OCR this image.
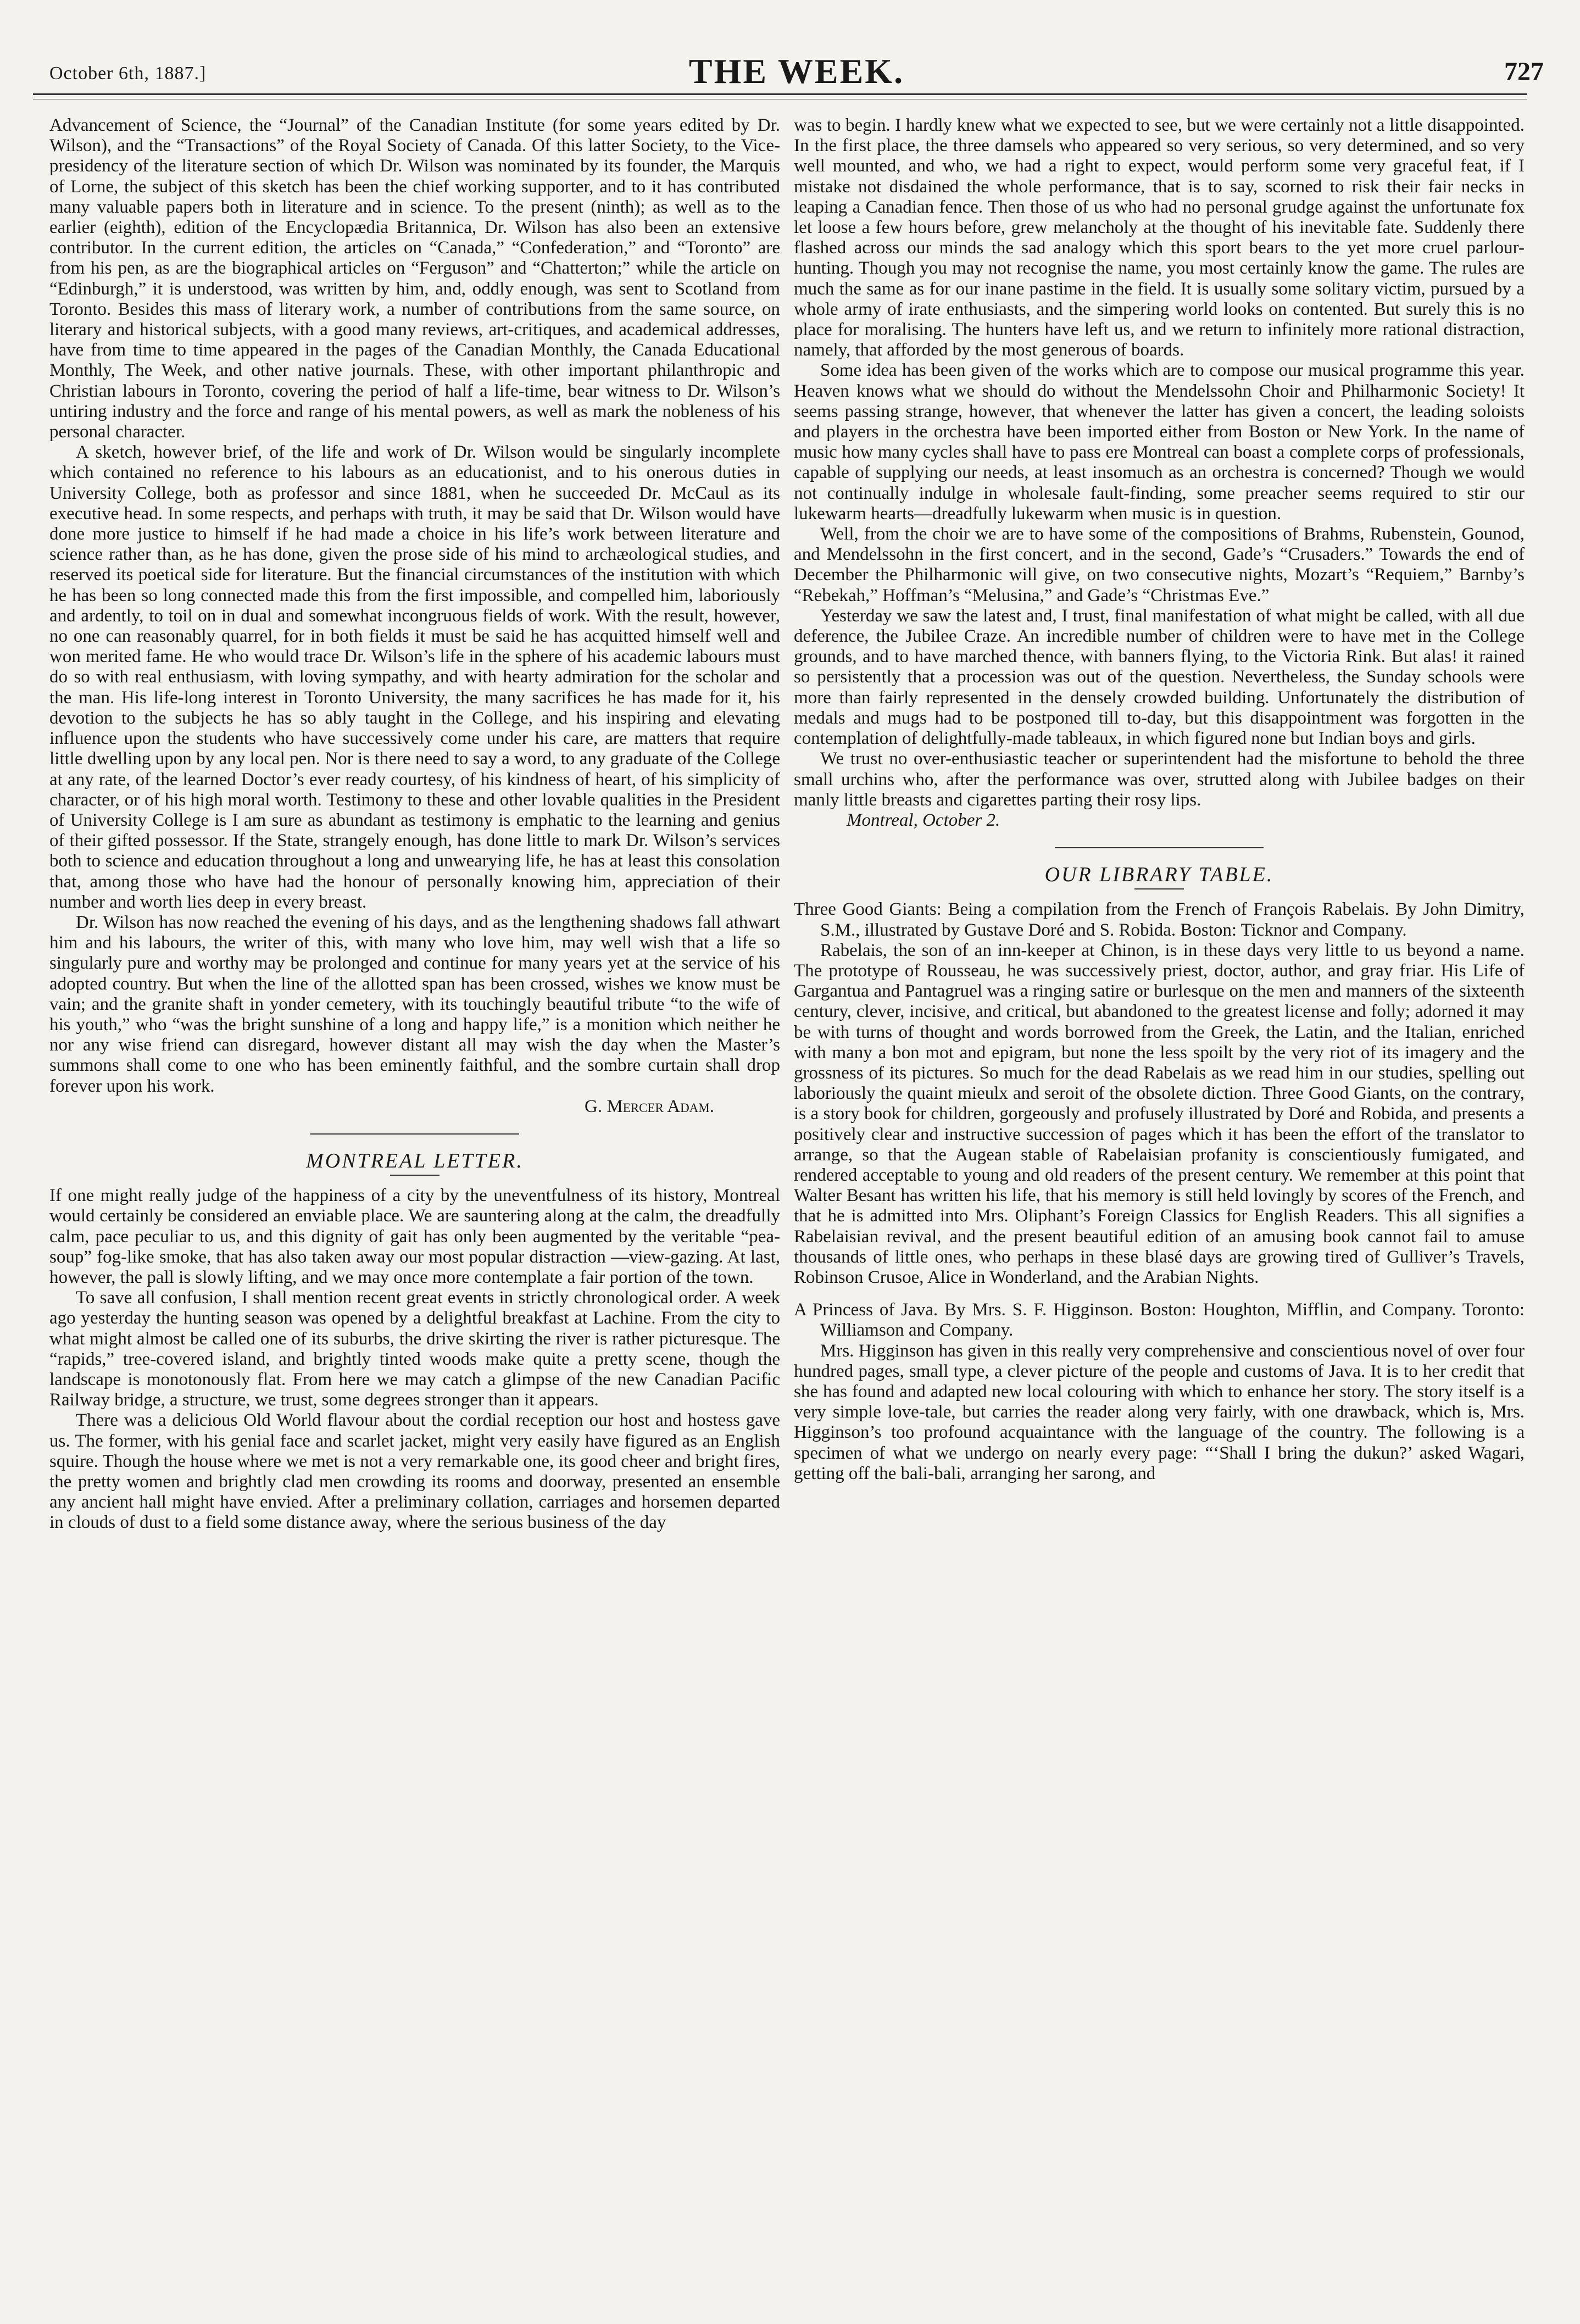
October 6th, 1887.]	THE WEEK.	727

Advancement of Science, the “Journal” of the Canadian Institute (for some years edited by Dr. Wilson), and the “Transactions” of the Royal Society of Canada. Of this latter Society, to the Vice-presidency of the literature section of which Dr. Wilson was nominated by its founder, the Marquis of Lorne, the subject of this sketch has been the chief working supporter, and to it has contributed many valuable papers both in literature and in science. To the present (ninth); as well as to the earlier (eighth), edition of the Encyclopædia Britannica, Dr. Wilson has also been an extensive contributor. In the current edition, the articles on “Canada,” “Confederation,” and “Toronto” are from his pen, as are the biographical articles on “Ferguson” and “Chatterton;” while the article on “Edinburgh,” it is understood, was written by him, and, oddly enough, was sent to Scotland from Toronto. Besides this mass of literary work, a number of contributions from the same source, on literary and historical subjects, with a good many reviews, art-critiques, and academical addresses, have from time to time appeared in the pages of the Canadian Monthly, the Canada Educational Monthly, The Week, and other native journals. These, with other important philanthropic and Christian labours in Toronto, covering the period of half a life-time, bear witness to Dr. Wilson’s untiring industry and the force and range of his mental powers, as well as mark the nobleness of his personal character.

A sketch, however brief, of the life and work of Dr. Wilson would be singularly incomplete which contained no reference to his labours as an educationist, and to his onerous duties in University College, both as professor and since 1881, when he succeeded Dr. McCaul as its executive head. In some respects, and perhaps with truth, it may be said that Dr. Wilson would have done more justice to himself if he had made a choice in his life’s work between literature and science rather than, as he has done, given the prose side of his mind to archæological studies, and reserved its poetical side for literature. But the financial circumstances of the institution with which he has been so long connected made this from the first impossible, and compelled him, laboriously and ardently, to toil on in dual and somewhat incongruous fields of work. With the result, however, no one can reasonably quarrel, for in both fields it must be said he has acquitted himself well and won merited fame. He who would trace Dr. Wilson’s life in the sphere of his academic labours must do so with real enthusiasm, with loving sympathy, and with hearty admiration for the scholar and the man. His life-long interest in Toronto University, the many sacrifices he has made for it, his devotion to the subjects he has so ably taught in the College, and his inspiring and elevating influence upon the students who have successively come under his care, are matters that require little dwelling upon by any local pen. Nor is there need to say a word, to any graduate of the College at any rate, of the learned Doctor’s ever ready courtesy, of his kindness of heart, of his simplicity of character, or of his high moral worth. Testimony to these and other lovable qualities in the President of University College is I am sure as abundant as testimony is emphatic to the learning and genius of their gifted possessor. If the State, strangely enough, has done little to mark Dr. Wilson’s services both to science and education throughout a long and unwearying life, he has at least this consolation that, among those who have had the honour of personally knowing him, appreciation of their number and worth lies deep in every breast.

Dr. Wilson has now reached the evening of his days, and as the lengthening shadows fall athwart him and his labours, the writer of this, with many who love him, may well wish that a life so singularly pure and worthy may be prolonged and continue for many years yet at the service of his adopted country. But when the line of the allotted span has been crossed, wishes we know must be vain; and the granite shaft in yonder cemetery, with its touchingly beautiful tribute “to the wife of his youth,” who “was the bright sunshine of a long and happy life,” is a monition which neither he nor any wise friend can disregard, however distant all may wish the day when the Master’s summons shall come to one who has been eminently faithful, and the sombre curtain shall drop forever upon his work.

G. Mercer Adam.

MONTREAL LETTER.

If one might really judge of the happiness of a city by the uneventfulness of its history, Montreal would certainly be considered an enviable place. We are sauntering along at the calm, the dreadfully calm, pace peculiar to us, and this dignity of gait has only been augmented by the veritable “pea-soup” fog-like smoke, that has also taken away our most popular distraction —view-gazing. At last, however, the pall is slowly lifting, and we may once more contemplate a fair portion of the town.

To save all confusion, I shall mention recent great events in strictly chronological order. A week ago yesterday the hunting season was opened by a delightful breakfast at Lachine. From the city to what might almost be called one of its suburbs, the drive skirting the river is rather picturesque. The “rapids,” tree-covered island, and brightly tinted woods make quite a pretty scene, though the landscape is monotonously flat. From here we may catch a glimpse of the new Canadian Pacific Railway bridge, a structure, we trust, some degrees stronger than it appears.

There was a delicious Old World flavour about the cordial reception our host and hostess gave us. The former, with his genial face and scarlet jacket, might very easily have figured as an English squire. Though the house where we met is not a very remarkable one, its good cheer and bright fires, the pretty women and brightly clad men crowding its rooms and doorway, presented an ensemble any ancient hall might have envied. After a preliminary collation, carriages and horsemen departed in clouds of dust to a field some distance away, where the serious business of the day

was to begin. I hardly knew what we expected to see, but we were certainly not a little disappointed. In the first place, the three damsels who appeared so very serious, so very determined, and so very well mounted, and who, we had a right to expect, would perform some very graceful feat, if I mistake not disdained the whole performance, that is to say, scorned to risk their fair necks in leaping a Canadian fence. Then those of us who had no personal grudge against the unfortunate fox let loose a few hours before, grew melancholy at the thought of his inevitable fate. Suddenly there flashed across our minds the sad analogy which this sport bears to the yet more cruel parlour-hunting. Though you may not recognise the name, you most certainly know the game. The rules are much the same as for our inane pastime in the field. It is usually some solitary victim, pursued by a whole army of irate enthusiasts, and the simpering world looks on contented. But surely this is no place for moralising. The hunters have left us, and we return to infinitely more rational distraction, namely, that afforded by the most generous of boards.

Some idea has been given of the works which are to compose our musical programme this year. Heaven knows what we should do without the Mendelssohn Choir and Philharmonic Society! It seems passing strange, however, that whenever the latter has given a concert, the leading soloists and players in the orchestra have been imported either from Boston or New York. In the name of music how many cycles shall have to pass ere Montreal can boast a complete corps of professionals, capable of supplying our needs, at least insomuch as an orchestra is concerned? Though we would not continually indulge in wholesale fault-finding, some preacher seems required to stir our lukewarm hearts—dreadfully lukewarm when music is in question.

Well, from the choir we are to have some of the compositions of Brahms, Rubenstein, Gounod, and Mendelssohn in the first concert, and in the second, Gade’s “Crusaders.” Towards the end of December the Philharmonic will give, on two consecutive nights, Mozart’s “Requiem,” Barnby’s “Rebekah,” Hoffman’s “Melusina,” and Gade’s “Christmas Eve.”

Yesterday we saw the latest and, I trust, final manifestation of what might be called, with all due deference, the Jubilee Craze. An incredible number of children were to have met in the College grounds, and to have marched thence, with banners flying, to the Victoria Rink. But alas! it rained so persistently that a procession was out of the question. Nevertheless, the Sunday schools were more than fairly represented in the densely crowded building. Unfortunately the distribution of medals and mugs had to be postponed till to-day, but this disappointment was forgotten in the contemplation of delightfully-made tableaux, in which figured none but Indian boys and girls.

We trust no over-enthusiastic teacher or superintendent had the misfortune to behold the three small urchins who, after the performance was over, strutted along with Jubilee badges on their manly little breasts and cigarettes parting their rosy lips.

Montreal, October 2.

OUR LIBRARY TABLE.

Three Good Giants: Being a compilation from the French of François Rabelais. By John Dimitry, S.M., illustrated by Gustave Doré and S. Robida. Boston: Ticknor and Company.

Rabelais, the son of an inn-keeper at Chinon, is in these days very little to us beyond a name. The prototype of Rousseau, he was successively priest, doctor, author, and gray friar. His Life of Gargantua and Pantagruel was a ringing satire or burlesque on the men and manners of the sixteenth century, clever, incisive, and critical, but abandoned to the greatest license and folly; adorned it may be with turns of thought and words borrowed from the Greek, the Latin, and the Italian, enriched with many a bon mot and epigram, but none the less spoilt by the very riot of its imagery and the grossness of its pictures. So much for the dead Rabelais as we read him in our studies, spelling out laboriously the quaint mieulx and seroit of the obsolete diction. Three Good Giants, on the contrary, is a story book for children, gorgeously and profusely illustrated by Doré and Robida, and presents a positively clear and instructive succession of pages which it has been the effort of the translator to arrange, so that the Augean stable of Rabelaisian profanity is conscientiously fumigated, and rendered acceptable to young and old readers of the present century. We remember at this point that Walter Besant has written his life, that his memory is still held lovingly by scores of the French, and that he is admitted into Mrs. Oliphant’s Foreign Classics for English Readers. This all signifies a Rabelaisian revival, and the present beautiful edition of an amusing book cannot fail to amuse thousands of little ones, who perhaps in these blasé days are growing tired of Gulliver’s Travels, Robinson Crusoe, Alice in Wonderland, and the Arabian Nights.

A Princess of Java. By Mrs. S. F. Higginson. Boston: Houghton, Mifflin, and Company. Toronto: Williamson and Company.

Mrs. Higginson has given in this really very comprehensive and conscientious novel of over four hundred pages, small type, a clever picture of the people and customs of Java. It is to her credit that she has found and adapted new local colouring with which to enhance her story. The story itself is a very simple love-tale, but carries the reader along very fairly, with one drawback, which is, Mrs. Higginson’s too profound acquaintance with the language of the country. The following is a specimen of what we undergo on nearly every page: “‘Shall I bring the dukun?’ asked Wagari, getting off the bali-bali, arranging her sarong, and
